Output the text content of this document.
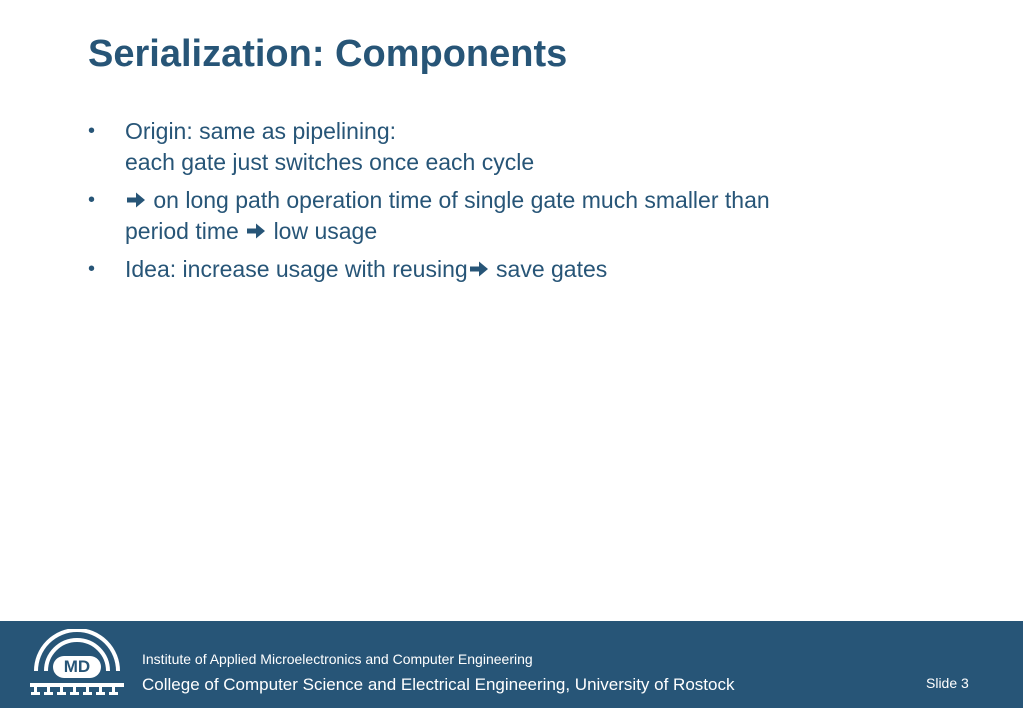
Serialization: Components
• Origin: same as pipelining:
each gate just switches once each cycle
•	on long path operation time of single gate much smaller than
period time low usage
• Idea: increase usage with reusing save gates
MD	Institute of Applied Microelectronics and Computer Engineering
College of Computer Science and Electrical Engineering, University of Rostock	Slide 3
